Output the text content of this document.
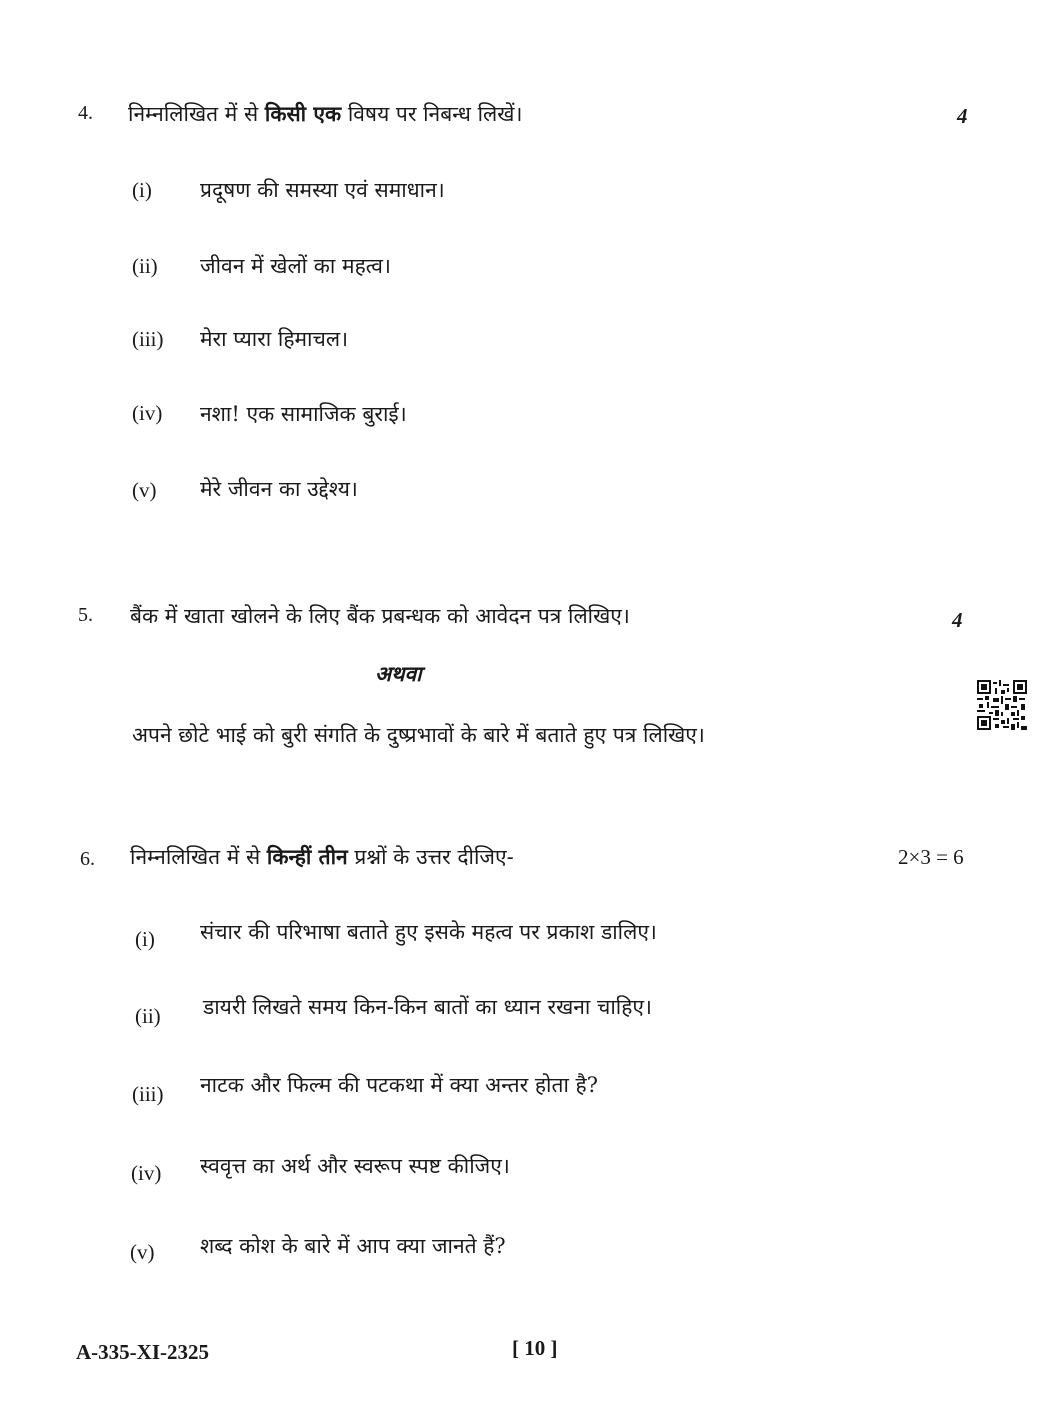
4. निम्नलिखित में से किसी एक विषय पर निबन्ध लिखें।	4
(i) प्रदूषण की समस्या एवं समाधान।
(ii) जीवन में खेलों का महत्व।
(iii) मेरा प्यारा हिमाचल।
(iv) नशा! एक सामाजिक बुराई।
(v) मेरे जीवन का उद्देश्य।
5. बैंक में खाता खोलने के लिए बैंक प्रबन्धक को आवेदन पत्र लिखिए।	4
अथवा
अपने छोटे भाई को बुरी संगति के दुष्प्रभावों के बारे में बताते हुए पत्र लिखिए।
6. निम्नलिखित में से किन्हीं तीन प्रश्नों के उत्तर दीजिए-	2×3 = 6
(i) संचार की परिभाषा बताते हुए इसके महत्व पर प्रकाश डालिए।
(ii) डायरी लिखते समय किन-किन बातों का ध्यान रखना चाहिए।
(iii) नाटक और फिल्म की पटकथा में क्या अन्तर होता है?
(iv) स्ववृत्त का अर्थ और स्वरूप स्पष्ट कीजिए।
(v) शब्द कोश के बारे में आप क्या जानते हैं?
A-335-XI-2325	[ 10 ]
